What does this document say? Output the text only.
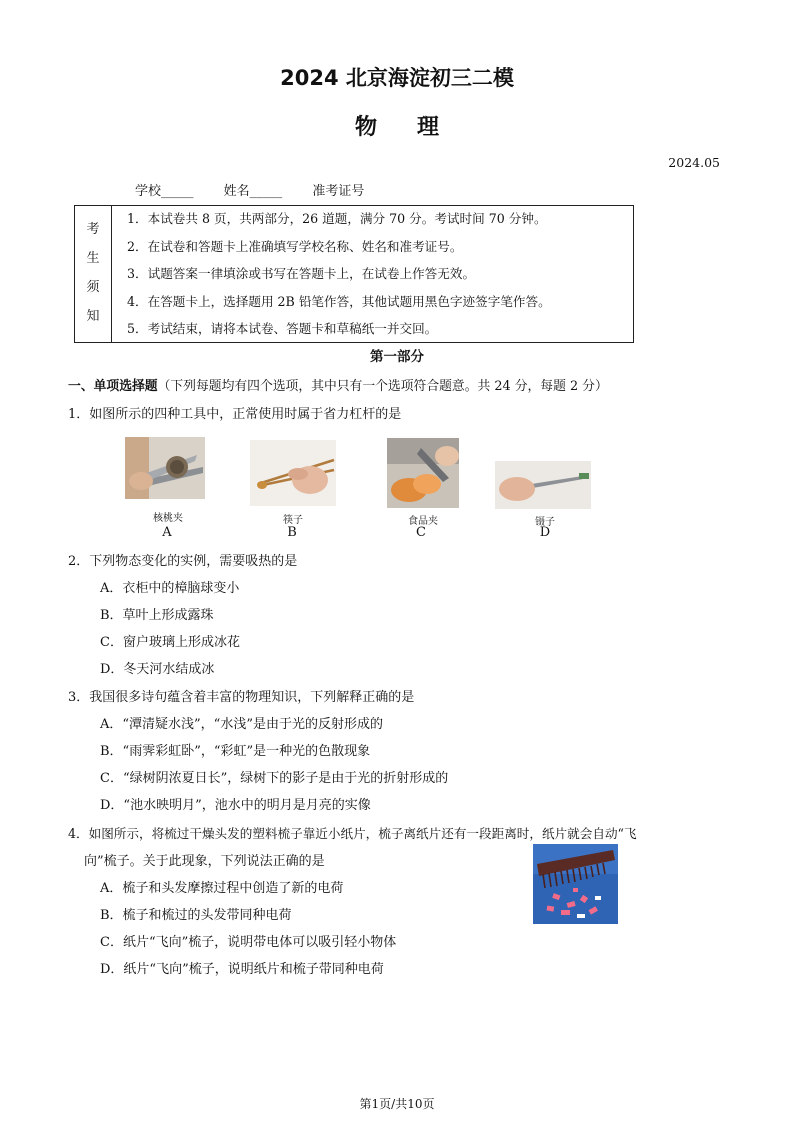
2024 北京海淀初三二模
物理
2024.05
学校_____ 姓名_____ 准考证号
考
生
须
知
1．本试卷共 8 页，共两部分，26 道题，满分 70 分。考试时间 70 分钟。
2．在试卷和答题卡上准确填写学校名称、姓名和准考证号。
3．试题答案一律填涂或书写在答题卡上，在试卷上作答无效。
4．在答题卡上，选择题用 2B 铅笔作答，其他试题用黑色字迹签字笔作答。
5．考试结束，请将本试卷、答题卡和草稿纸一并交回。
第一部分
一、单项选择题（下列每题均有四个选项，其中只有一个选项符合题意。共 24 分，每题 2 分）
1．如图所示的四种工具中，正常使用时属于省力杠杆的是
核桃夹	筷子	食品夹	镊子
A	B	C	D
2．下列物态变化的实例，需要吸热的是
A．衣柜中的樟脑球变小
B．草叶上形成露珠
C．窗户玻璃上形成冰花
D．冬天河水结成冰
3．我国很多诗句蕴含着丰富的物理知识，下列解释正确的是
A．“潭清疑水浅”，“水浅”是由于光的反射形成的
B．“雨霁彩虹卧”，“彩虹”是一种光的色散现象
C．“绿树阴浓夏日长”，绿树下的影子是由于光的折射形成的
D．“池水映明月”，池水中的明月是月亮的实像
4．如图所示，将梳过干燥头发的塑料梳子靠近小纸片，梳子离纸片还有一段距离时，纸片就会自动“飞
向”梳子。关于此现象，下列说法正确的是
A．梳子和头发摩擦过程中创造了新的电荷
B．梳子和梳过的头发带同种电荷
C．纸片“飞向”梳子，说明带电体可以吸引轻小物体
D．纸片“飞向”梳子，说明纸片和梳子带同种电荷
第1页/共10页
